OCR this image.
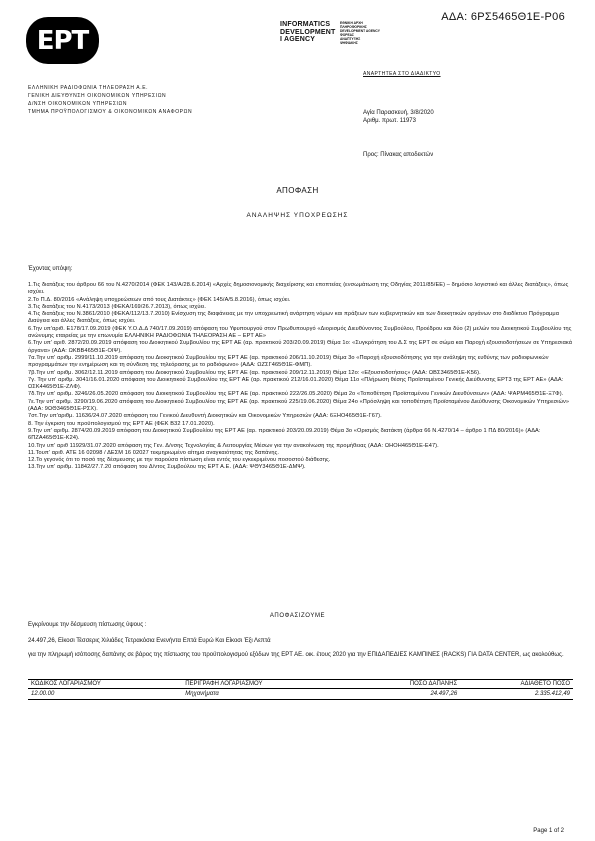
ΕΡΤ
INFORMATICS
DEVELOPMENT
I AGENCY
ΕΘΝΙΚΗ ΑΡΧΗ
ΠΛΗΡΟΦΟΡΙΚΗΣ
DEVELOPMENT AGENCY
ΦΟΡΕΑΣ
ΑΝΑΠΤΥΞΗΣ
ΨΗΦΙΑΚΗΣ
ΑΔΑ: 6ΡΣ5465Θ1Ε-Ρ06
ΕΛΛΗΝΙΚΗ ΡΑΔΙΟΦΩΝΙΑ ΤΗΛΕΟΡΑΣΗ Α.Ε.
ΓΕΝΙΚΗ ΔΙΕΥΘΥΝΣΗ ΟΙΚΟΝΟΜΙΚΩΝ ΥΠΗΡΕΣΙΩΝ
Δ/ΝΣΗ ΟΙΚΟΝΟΜΙΚΩΝ ΥΠΗΡΕΣΙΩΝ
ΤΜΗΜΑ ΠΡΟΫΠΟΛΟΓΙΣΜΟΥ & ΟΙΚΟΝΟΜΙΚΩΝ ΑΝΑΦΟΡΩΝ
ΑΝΑΡΤΗΤΕΑ ΣΤΟ ΔΙΑΔΙΚΤΥΟ
Αγία Παρασκευή, 3/8/2020
Αριθμ. πρωτ. 11973
Προς: Πίνακας αποδεκτών
ΑΠΟΦΑΣΗ
ΑΝΑΛΗΨΗΣ ΥΠΟΧΡΕΩΣΗΣ
Έχοντας υπόψη:
1.Τις διατάξεις του άρθρου 66 του Ν.4270/2014 (ΦΕΚ 143/Α/28.6.2014) «Αρχές δημοσιονομικής διαχείρισης και εποπτείας (ενσωμάτωση της Οδηγίας 2011/85/ΕΕ) – δημόσιο λογιστικό και άλλες διατάξεις», όπως ισχύει.
2.Το Π.Δ. 80/2016 «Ανάληψη υποχρεώσεων από τους Διατάκτες» (ΦΕΚ 145/Α/5.8.2016), όπως ισχύει.
3.Τις διατάξεις του Ν.4173/2013 (ΦΕΚΑ/169/26.7.2013), όπως ισχύει.
4.Τις διατάξεις του Ν.3861/2010 (ΦΕΚΑ/112/13.7.2010) Ενίσχυση της διαφάνειας με την υποχρεωτική ανάρτηση νόμων και πράξεων των κυβερνητικών και των διοικητικών οργάνων στο διαδίκτυο Πρόγραμμα Διαύγεια και άλλες διατάξεις, όπως ισχύει.
6.Την υπ'αριθ. Ε178/17.09.2019 (ΦΕΚ Υ.Ο.Δ.Δ 740/17.09.2019) απόφαση του Υφυπουργού στον Πρωθυπουργό «Διορισμός Διευθύνοντος Συμβούλου, Προέδρου και δύο (2) μελών του Διοικητικού Συμβουλίου της ανώνυμης εταιρείας με την επωνυμία ΕΛΛΗΝΙΚΗ ΡΑΔΙΟΦΩΝΙΑ ΤΗΛΕΟΡΑΣΗ ΑΕ – ΕΡΤ ΑΕ»
6.Την υπ' αριθ. 2872/20.09.2019 απόφαση του Διοικητικού Συμβουλίου της ΕΡΤ ΑΕ (αρ. πρακτικού 203/20.09.2019) Θέμα 1ο: «Συγκρότηση του Δ.Σ της ΕΡΤ σε σώμα και Παροχή εξουσιοδοτήσεων σε Υπηρεσιακά όργανα» (ΑΔΑ: ΩΚΒΒ465Θ1Ε-ΟΙΨ).
7α.Την υπ' αριθμ. 2999/11.10.2019 απόφαση του Διοικητικού Συμβουλίου της ΕΡΤ ΑΕ (αρ. πρακτικού 206/11.10.2019) Θέμα 3ο «Παροχή εξουσιοδότησης για την ανάληψη της ευθύνης των ραδιοφωνικών προγραμμάτων την ενημέρωση και τη σύνδεση της τηλεόρασης με το ραδιόφωνο» (ΑΔΑ: ΩΖΣΓ465Θ1Ε-ΦΜΠ).
7β.Την υπ' αριθμ. 3062/12.11.2019 απόφαση του Διοικητικού Συμβουλίου της ΕΡΤ ΑΕ (αρ. πρακτικού 209/12.11.2019) Θέμα 12ο: «Εξουσιοδοτήσεις» (ΑΔΑ: ΩΒΣ3465Θ1Ε-Κ56).
7γ. Την υπ' αριθμ. 3041/16.01.2020 απόφαση του Διοικητικού Συμβουλίου της ΕΡΤ ΑΕ (αρ. πρακτικού 212/16.01.2020) Θέμα 11ο «Πλήρωση θέσης Προϊσταμένου Γενικής Διεύθυνσης ΕΡΤ3 της ΕΡΤ ΑΕ» (ΑΔΑ: ΩΣΚ4465Θ1Ε-ΖΛΦ).
7δ.Την υπ' αριθμ. 3246/26.05.2020 απόφαση του Διοικητικού Συμβουλίου της ΕΡΤ ΑΕ (αρ. πρακτικού 222/26.05.2020) Θέμα 2ο «Τοποθέτηση Προϊσταμένου Γενικών Διευθύνσεων» (ΑΔΑ: ΨΑΡΜ465Θ1Ε-Ξ7Φ).
7ε.Την υπ' αριθμ. 3290/19.06.2020 απόφαση του Διοικητικού Συμβουλίου της ΕΡΤ ΑΕ (αρ. πρακτικού 225/19.06.2020) Θέμα 24ο «Πρόσληψη και τοποθέτηση Προϊσταμένου Διεύθυνσης Οικονομικών Υπηρεσιών» (ΑΔΑ: 9ΩΘ3465Θ1Ε-ΡΣΧ).
7στ.Την υπ'αριθμ. 11636/24.07.2020 απόφαση του Γενικού Διευθυντή Διοικητικών και Οικονομικών Υπηρεσιών (ΑΔΑ: 6ΞΗΟ465Θ1Ε-Γ67).
8. Την έγκριση του προϋπολογισμού της ΕΡΤ ΑΕ (ΦΕΚ Β32 17.01.2020).
9.Την υπ' αριθμ. 2874/20.09.2019 απόφαση του Διοικητικού Συμβουλίου της ΕΡΤ ΑΕ (αρ. πρακτικού 203/20.09.2019) Θέμα 3ο «Ορισμός διατάκτη (άρθρα 66 Ν.4270/14 – άρθρο 1 ΠΔ 80/2016)» (ΑΔΑ: 6ΠΖΑ465Θ1Ε-Κ24).
10.Την υπ' αριθ 11929/31.07.2020 απόφαση της Γεν. Δ/νσης Τεχνολογίας & Λειτουργίας Μέσων για την ανακοίνωση της προμήθειας (ΑΔΑ: ΩΗΟΗ465Θ1Ε-Ε47).
11.Τουπ' αριθ. ΑΤΕ 16 02098 / ΔΕΣΜ 16 02027 τεκμηριωμένο αίτημα αναγκαιότητας της δαπάνης.
12.Το γεγονός ότι το ποσό της δέσμευσης με την παρούσα πίστωση είναι εντός του εγκεκριμένου ποσοστού διάθεσης.
13.Την υπ' αριθμ. 11842/27.7.20 απόφαση του Δ/ντος Συμβούλου της ΕΡΤ Α.Ε. (ΑΔΑ: ΨΘΥ3465Θ1Ε-ΔΜΨ).
ΑΠΟΦΑΣΙΖΟΥΜΕ
Εγκρίνουμε την δέσμευση πίστωσης ύψους :
24.497,26, Είκοσι Τέσσερις Χιλιάδες Τετρακόσια Ενενήντα Επτά Ευρώ Και Είκοσι Έξι Λεπτά
για την πληρωμή ισόποσης δαπάνης σε βάρος της πίστωσης του προϋπολογισμού εξόδων της ΕΡΤ ΑΕ. οικ. έτους 2020 για την ΕΠΙΔΑΠΕΔΙΕΣ ΚΑΜΠΙΝΕΣ (RACKS) ΓΙΑ DATA CENTER, ως ακολούθως.
ΚΩΔΙΚΟΣ ΛΟΓΑΡΙΑΣΜΟΥ	ΠΕΡΙΓΡΑΦΗ ΛΟΓΑΡΙΑΣΜΟΥ	ΠΟΣΟ ΔΑΠΑΝΗΣ	ΑΔΙΑΘΕΤΟ ΠΟΣΟ
12.00.00	Μηχανήματα	24.497,26	2.335.412,49
Page 1 of 2
